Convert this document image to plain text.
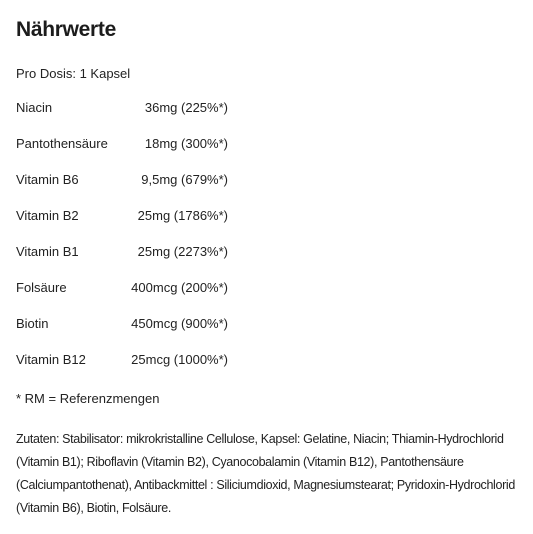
Nährwerte
Pro Dosis: 1 Kapsel
Niacin	36mg (225%*)
Pantothensäure	18mg (300%*)
Vitamin B6	9,5mg (679%*)
Vitamin B2	25mg (1786%*)
Vitamin B1	25mg (2273%*)
Folsäure	400mcg (200%*)
Biotin	450mcg (900%*)
Vitamin B12	25mcg (1000%*)
* RM = Referenzmengen
Zutaten: Stabilisator: mikrokristalline Cellulose, Kapsel: Gelatine, Niacin; Thiamin-Hydrochlorid (Vitamin B1); Riboflavin (Vitamin B2), Cyanocobalamin (Vitamin B12), Pantothensäure (Calciumpantothenat), Antibackmittel : Siliciumdioxid, Magnesiumstearat; Pyridoxin-Hydrochlorid (Vitamin B6), Biotin, Folsäure.
